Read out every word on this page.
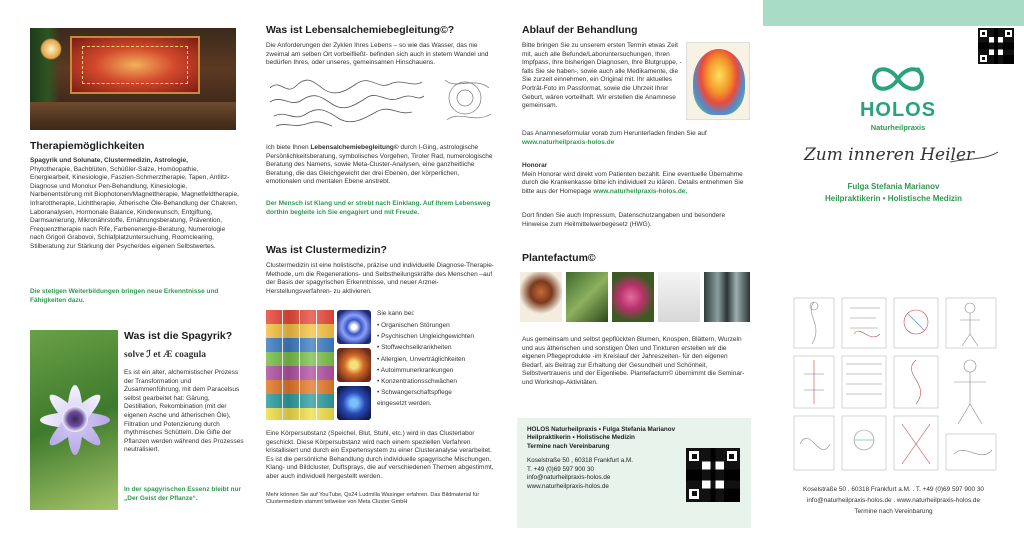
Therapiemöglichkeiten

Spagyrik und Solunate, Clustermedizin, Astrologie,
Phytotherapie, Bachblüten, Schüßler-Salze, Homöopathie, Energiearbeit, Kinesiologie, Faszien-Schmerztherapie, Tapen, Antlitz-Diagnose und Monolux Pen-Behandlung, Kinesiologie, Narbenentstörung mit Biophotonen/Magnettherapie, Magnetfeldtherapie, Infrarottherapie, Lichttherapie, Ätherische Öle-Behandlung der Chakren, Laboranalysen, Hormonale Balance, Kinderwunsch, Entgiftung, Darmsanierung, Mikronährstoffe, Ernährungsberatung, Prävention, Frequenztherapie nach Rife, Farbenenergie-Beratung, Numerologie nach Grigori Grabovoi, Schlafplatzuntersuchung, Roomclearing, Stilberatung zur Stärkung der Psyche/des eigenen Selbstwertes.

Die stetigen Weiterbildungen bringen neue Erkenntnisse und Fähigkeiten dazu.

Was ist die Spagyrik?
solve ℐ et Æ coagula

Es ist ein alter, alchemistischer Prozess der Transformation und Zusammenführung, mit dem Paracelsus selbst gearbeitet hat: Gärung, Destillation, Rekombination (mit der eigenen Asche und ätherischen Öle), Filtration und Potenzierung durch rhythmisches Schütteln. Die Gifte der Pflanzen werden während des Prozesses neutralisiert.

In der spagyrischen Essenz bleibt nur „Der Geist der Pflanze“.

Was ist Lebensalchemiebegleitung©?

Die Anforderungen der Zyklen Ihres Lebens – so wie das Wasser, das nie zweimal am selben Ort vorbeifließt- befinden sich auch in stetem Wandel und bedürfen Ihres, oder unseres, gemeinsamen Hinschauens.

Ich biete Ihnen Lebensalchemiebegleitung© durch I-Ging, astrologische Persönlichkeitsberatung, symbolisches Vorgehen, Tiroler Rad, numerologische Beratung des Namens, sowie Meta-Cluster-Analysen, eine ganzheitliche Beratung, die das Gleichgewicht der drei Ebenen, der körperlichen, emotionalen und mentalen Ebene anstrebt.

Der Mensch ist Klang und er strebt nach Einklang. Auf Ihrem Lebensweg dorthin begleite ich Sie engagiert und mit Freude.

Was ist Clustermedizin?

Clustermedizin ist eine holistische, präzise und individuelle Diagnose-Therapie-Methode, um die Regenerations- und Selbstheilungskräfte des Menschen –auf der Basis der spagyrischen Erkenntnisse, und neuer Arznei-Herstellungsverfahren- zu aktivieren.

Sie kann bei:

• Organischen Störungen
• Psychischen Ungleichgewichten
• Stoffwechselkrankheiten
• Allergien, Unverträglichkeiten
• Autoimmunerkrankungen
• Konzentrationsschwächen
• Schwangerschaftspflege
eingesetzt werden.

Eine Körpersubstanz (Speichel, Blut, Stuhl, etc.) wird in das Clusterlabor geschickt. Diese Körpersubstanz wird nach einem speziellen Verfahren kristallisiert und durch ein Expertensystem zu einer Clusteranalyse verarbeitet. Es ist die persönliche Behandlung durch individuelle spagyrische Mischungen, Klang- und Bildcluster, Duftsprays, die auf verschiedenen Themen abgestimmt, aber auch individuell hergestellt werden.

Mehr können Sie auf YouTube, Qs24 Ludmilla Wasinger erfahren. Das Bildmaterial für Clustermedizin stammt teilweise von Meta Cluster GmbH

Ablauf der Behandlung

Bitte bringen Sie zu unserem ersten Termin etwas Zeit mit, auch alle Befunde/Laboruntersuchungen, Ihren Impfpass, Ihre bisherigen Diagnosen, Ihre Blutgruppe, -falls Sie sie haben-, sowie auch alle Medikamente, die Sie zurzeit einnehmen, ein Original mit. Ihr aktuelles Porträt-Foto im Passformat, sowie die Uhrzeit Ihrer Geburt, wären vorteilhaft. Wir erstellen die Anamnese gemeinsam.

Das Anamneseformular vorab zum Herunterladen finden Sie auf www.naturheilpraxis-holos.de

Honorar
Mein Honorar wird direkt vom Patienten bezahlt. Eine eventuelle Übernahme durch die Krankenkasse bitte ich individuell zu klären. Details entnehmen Sie bitte aus der Homepage www.naturheilpraxis-holos.de.

Dort finden Sie auch Impressum, Datenschutzangaben und besondere Hinweise zum Heilmittelwerbegesetz (HWG).

Plantefactum©

Aus gemeinsam und selbst gepflückten Blumen, Knospen, Blättern, Wurzeln und aus ätherischen und sonstigen Ölen und Tinkturen erstellen wir die eigenen Pflegeprodukte -im Kreislauf der Jahreszeiten- für den eigenen Bedarf, als Beitrag zur Erhaltung der Gesundheit und Schönheit, Selbstvertrauens und der Eigenliebe. Plantefactum© übernimmt die Seminar- und Workshop-Aktivitäten.

HOLOS Naturheilpraxis • Fulga Stefania Marianov
Heilpraktikerin • Holistische Medizin
Termine nach Vereinbarung
Koselstraße 50 , 60318 Frankfurt a.M.
T. +49 (0)69 597 900 30
info@naturheilpraxis-holos.de
www.naturheilpraxis-holos.de
HOLOS
Naturheilpraxis
Zum inneren Heiler
Fulga Stefania Marianov
Heilpraktikerin • Holistische Medizin
Koselstraße 50 . 60318 Frankfurt a.M. . T. +49 (0)69 597 900 30
info@naturheilpraxis-holos.de . www.naturheilpraxis-holos.de
Termine nach Vereinbarung
